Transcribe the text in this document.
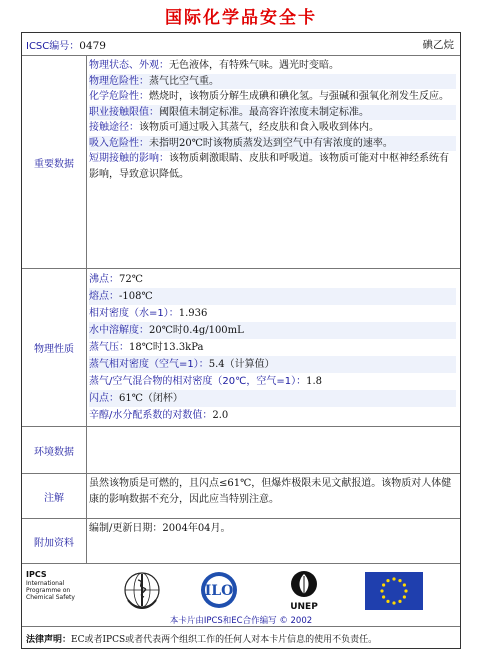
国际化学品安全卡
ICSC编号：0479	碘乙烷
重要数据
物理状态、外观：无色液体，有特殊气味。遇光时变暗。
物理危险性：蒸气比空气重。
化学危险性：燃烧时，该物质分解生成碘和碘化氢。与强碱和强氧化剂发生反应。
职业接触限值：阈限值未制定标准。最高容许浓度未制定标准。
接触途径：该物质可通过吸入其蒸气，经皮肤和食入吸收到体内。
吸入危险性：未指明20℃时该物质蒸发达到空气中有害浓度的速率。
短期接触的影响：该物质刺激眼睛、皮肤和呼吸道。该物质可能对中枢神经系统有影响，导致意识降低。
物理性质
沸点：72℃
熔点：-108℃
相对密度（水=1）：1.936
水中溶解度：20℃时0.4g/100mL
蒸气压：18℃时13.3kPa
蒸气相对密度（空气=1）：5.4（计算值）
蒸气/空气混合物的相对密度（20℃，空气=1）：1.8
闪点：61℃（闭杯）
辛醇/水分配系数的对数值：2.0
环境数据
注解
虽然该物质是可燃的，且闪点≤61℃，但爆炸极限未见文献报道。该物质对人体健康的影响数据不充分，因此应当特别注意。
附加资料
编制/更新日期：2004年04月。
IPCS
International
Programme on
Chemical Safety	ILO
UNEP
本卡片由IPCS和EC合作编写 © 2002
法律声明：EC或者IPCS或者代表两个组织工作的任何人对本卡片信息的使用不负责任。
